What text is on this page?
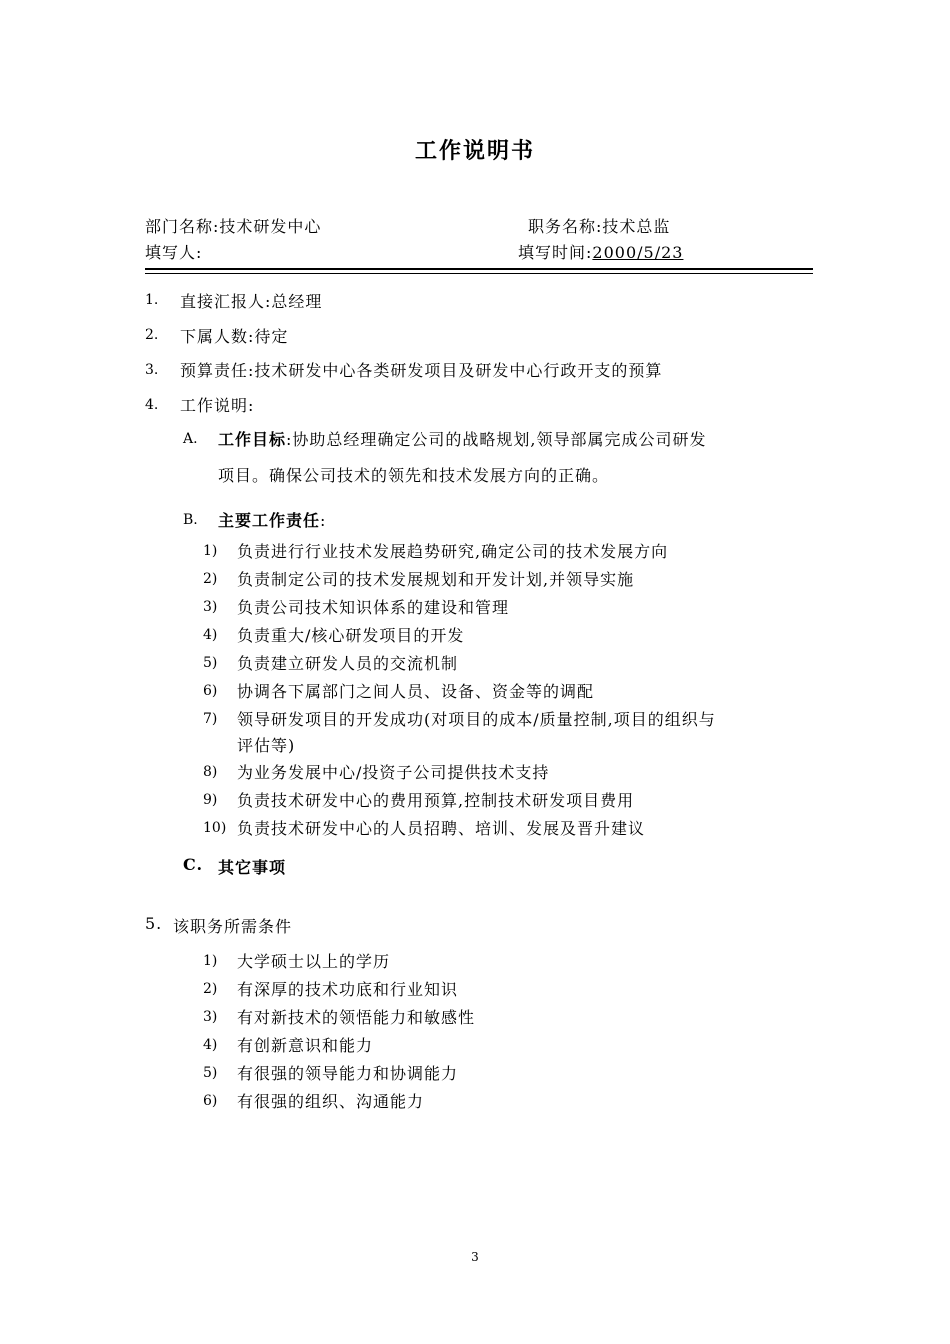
工作说明书
部门名称:技术研发中心	职务名称:技术总监
填写人:	填写时间:2000/5/23
1. 直接汇报人:总经理
2. 下属人数:待定
3. 预算责任:技术研发中心各类研发项目及研发中心行政开支的预算
4. 工作说明:
A. 工作目标:协助总经理确定公司的战略规划,领导部属完成公司研发
项目。确保公司技术的领先和技术发展方向的正确。
B. 主要工作责任:
1) 负责进行行业技术发展趋势研究,确定公司的技术发展方向
2) 负责制定公司的技术发展规划和开发计划,并领导实施
3) 负责公司技术知识体系的建设和管理
4) 负责重大/核心研发项目的开发
5) 负责建立研发人员的交流机制
6) 协调各下属部门之间人员、设备、资金等的调配
7) 领导研发项目的开发成功(对项目的成本/质量控制,项目的组织与
评估等)
8) 为业务发展中心/投资子公司提供技术支持
9) 负责技术研发中心的费用预算,控制技术研发项目费用
10) 负责技术研发中心的人员招聘、培训、发展及晋升建议
C. 其它事项
5. 该职务所需条件
1) 大学硕士以上的学历
2) 有深厚的技术功底和行业知识
3) 有对新技术的领悟能力和敏感性
4) 有创新意识和能力
5) 有很强的领导能力和协调能力
6) 有很强的组织、沟通能力
3
